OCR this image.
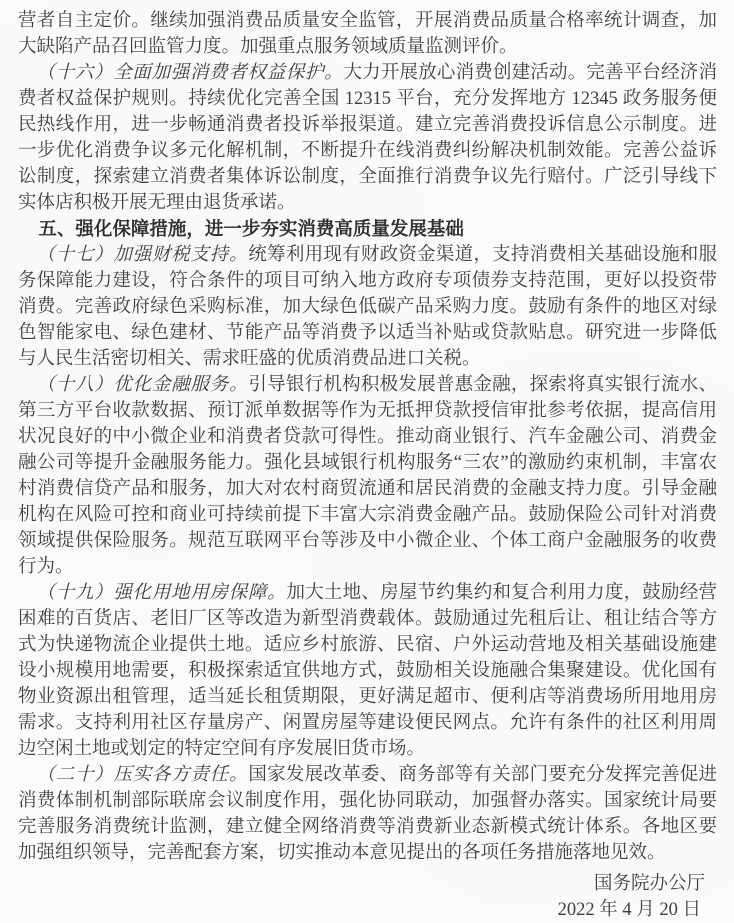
营者自主定价。继续加强消费品质量安全监管，开展消费品质量合格率统计调查，加大缺陷产品召回监管力度。加强重点服务领域质量监测评价。

（十六）全面加强消费者权益保护。大力开展放心消费创建活动。完善平台经济消费者权益保护规则。持续优化完善全国 12315 平台，充分发挥地方 12345 政务服务便民热线作用，进一步畅通消费者投诉举报渠道。建立完善消费投诉信息公示制度。进一步优化消费争议多元化解机制，不断提升在线消费纠纷解决机制效能。完善公益诉讼制度，探索建立消费者集体诉讼制度，全面推行消费争议先行赔付。广泛引导线下实体店积极开展无理由退货承诺。

五、强化保障措施，进一步夯实消费高质量发展基础

（十七）加强财税支持。统筹利用现有财政资金渠道，支持消费相关基础设施和服务保障能力建设，符合条件的项目可纳入地方政府专项债券支持范围，更好以投资带消费。完善政府绿色采购标准，加大绿色低碳产品采购力度。鼓励有条件的地区对绿色智能家电、绿色建材、节能产品等消费予以适当补贴或贷款贴息。研究进一步降低与人民生活密切相关、需求旺盛的优质消费品进口关税。

（十八）优化金融服务。引导银行机构积极发展普惠金融，探索将真实银行流水、第三方平台收款数据、预订派单数据等作为无抵押贷款授信审批参考依据，提高信用状况良好的中小微企业和消费者贷款可得性。推动商业银行、汽车金融公司、消费金融公司等提升金融服务能力。强化县域银行机构服务“三农”的激励约束机制，丰富农村消费信贷产品和服务，加大对农村商贸流通和居民消费的金融支持力度。引导金融机构在风险可控和商业可持续前提下丰富大宗消费金融产品。鼓励保险公司针对消费领域提供保险服务。规范互联网平台等涉及中小微企业、个体工商户金融服务的收费行为。

（十九）强化用地用房保障。加大土地、房屋节约集约和复合利用力度，鼓励经营困难的百货店、老旧厂区等改造为新型消费载体。鼓励通过先租后让、租让结合等方式为快递物流企业提供土地。适应乡村旅游、民宿、户外运动营地及相关基础设施建设小规模用地需要，积极探索适宜供地方式，鼓励相关设施融合集聚建设。优化国有物业资源出租管理，适当延长租赁期限，更好满足超市、便利店等消费场所用地用房需求。支持利用社区存量房产、闲置房屋等建设便民网点。允许有条件的社区利用周边空闲土地或划定的特定空间有序发展旧货市场。

（二十）压实各方责任。国家发展改革委、商务部等有关部门要充分发挥完善促进消费体制机制部际联席会议制度作用，强化协同联动，加强督办落实。国家统计局要完善服务消费统计监测，建立健全网络消费等消费新业态新模式统计体系。各地区要加强组织领导，完善配套方案，切实推动本意见提出的各项任务措施落地见效。

国务院办公厅
2022 年 4 月 20 日
